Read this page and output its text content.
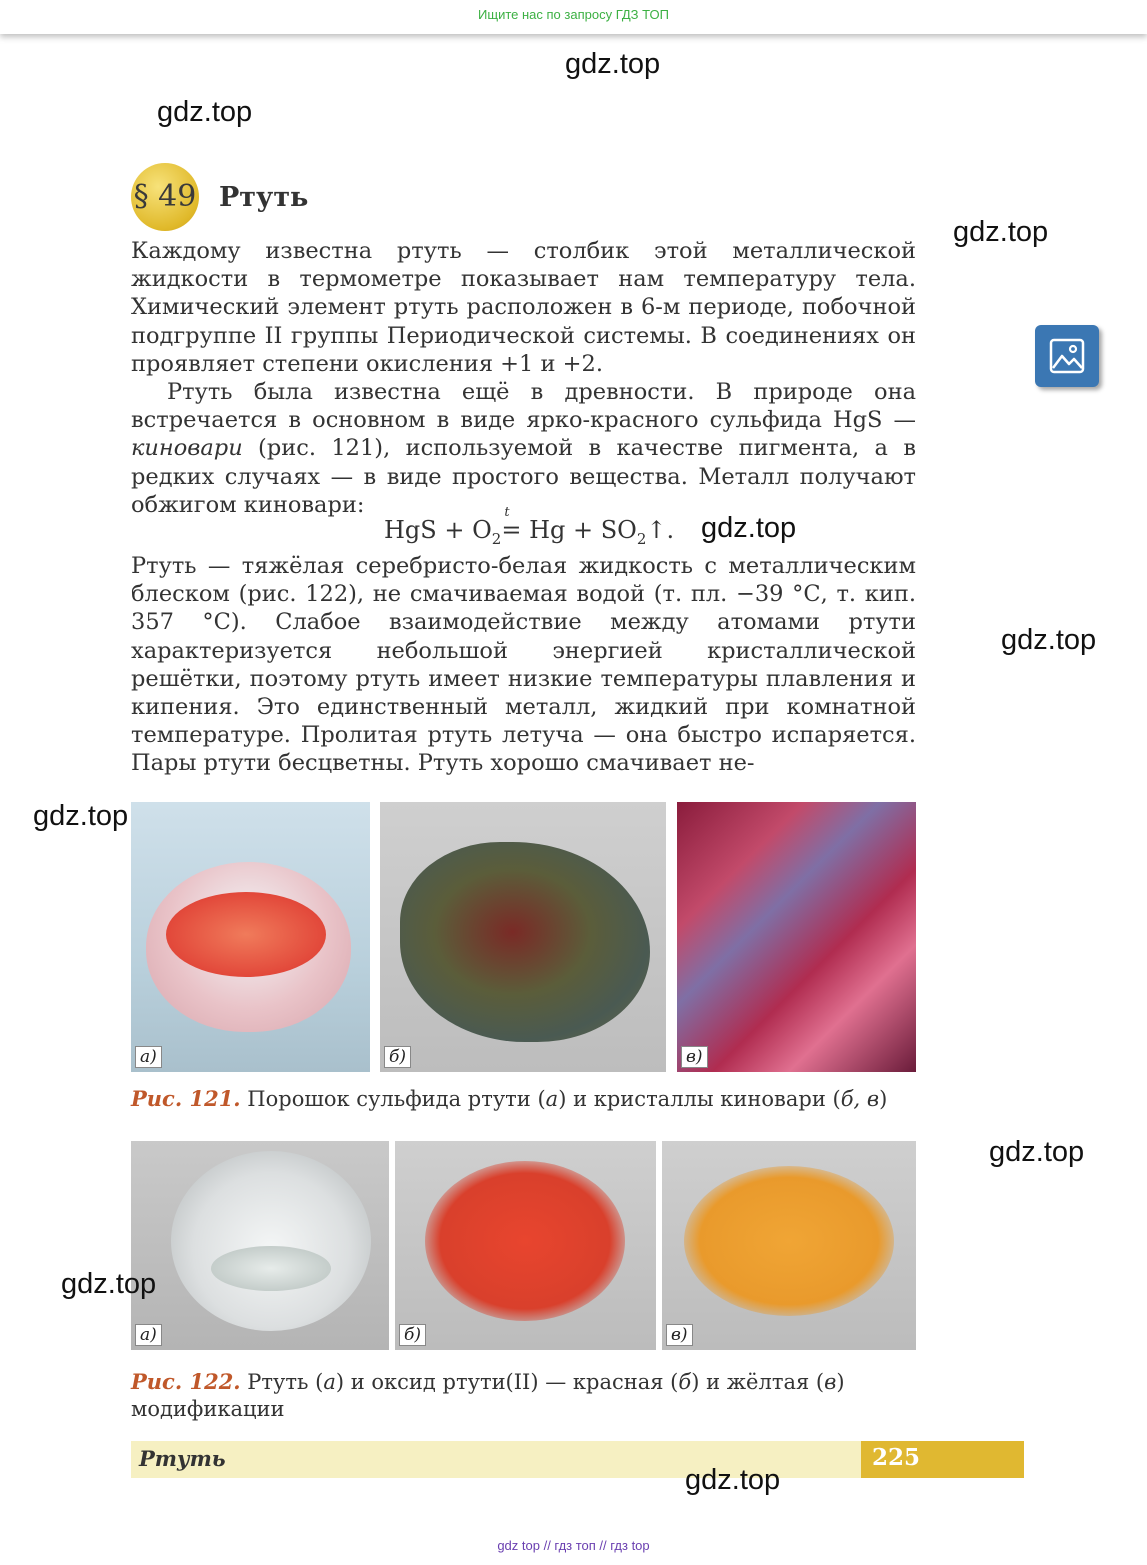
Ищите нас по запросу ГДЗ ТОП
gdz.top
gdz.top
gdz.top
gdz.top
gdz.top
gdz.top
gdz.top
gdz.top
gdz.top
§ 49 Ртуть

Каждому известна ртуть — столбик этой металлической жидкости в термометре показывает нам температуру тела. Химический элемент ртуть расположен в 6-м периоде, побочной подгруппе II группы Периодической системы. В соединениях он проявляет степени окисления +1 и +2.

Ртуть была известна ещё в древности. В природе она встречается в основном в виде ярко-красного сульфида HgS — киновари (рис. 121), используемой в качестве пигмента, а в редких случаях — в виде простого вещества. Металл получают обжигом киновари:

HgS + $O_2$
t
= $Hg + SO_2↑$.

Ртуть — тяжёлая серебристо-белая жидкость с металлическим блеском (рис. 122), не смачиваемая водой (т. пл. −39 °С, т. кип. 357 °С). Слабое взаимодействие между атомами ртути характеризуется небольшой энергией кристаллической решётки, поэтому ртуть имеет низкие температуры плавления и кипения. Это единственный металл, жидкий при комнатной температуре. Пролитая ртуть летуча — она быстро испаряется. Пары ртути бесцветны. Ртуть хорошо смачивает не-

а)	б)	в)
Рис. 121. Порошок сульфида ртути (а) и кристаллы киновари (б, в)
а)	б)	в)
Рис. 122. Ртуть (а) и оксид ртути(II) — красная (б) и жёлтая (в) модификации
Ртуть	225
gdz top // гдз топ // гдз top
